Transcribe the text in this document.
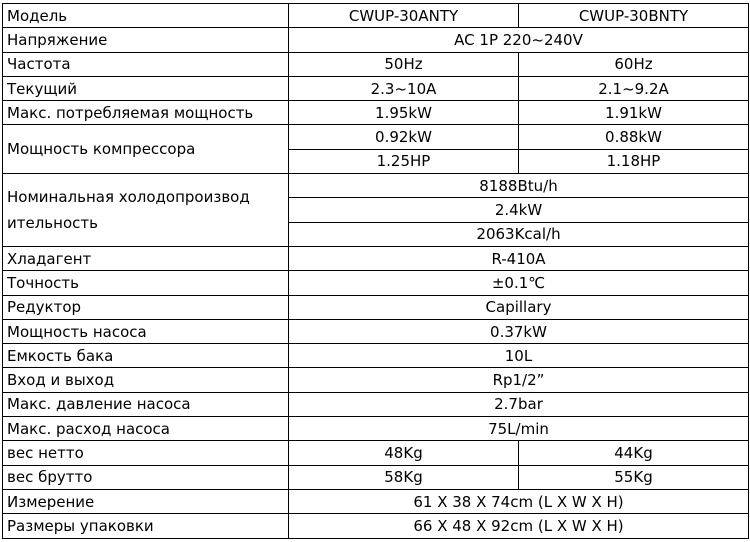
Модель	CWUP-30ANTY	CWUP-30BNTY
Напряжение	AC 1P 220~240V	
Частота	50Hz	60Hz
Текущий	2.3~10A	2.1~9.2A
Макс. потребляемая мощность	1.95kW	1.91kW
Мощность компрессора	0.92kW	0.88kW
	1.25HP	1.18HP
Номинальная холодопроизвод ительность	8188Btu/h	
	2.4kW	
	2063Kcal/h	
Хладагент	R-410A	
Точность	±0.1℃	
Редуктор	Capillary	
Мощность насоса	0.37kW	
Емкость бака	10L	
Вход и выход	Rp1/2”	
Макс. давление насоса	2.7bar	
Макс. расход насоса	75L/min	
вес нетто	48Kg	44Kg
вес брутто	58Kg	55Kg
Измерение	61 X 38 X 74cm (L X W X H)	
Размеры упаковки	66 X 48 X 92cm (L X W X H)	
